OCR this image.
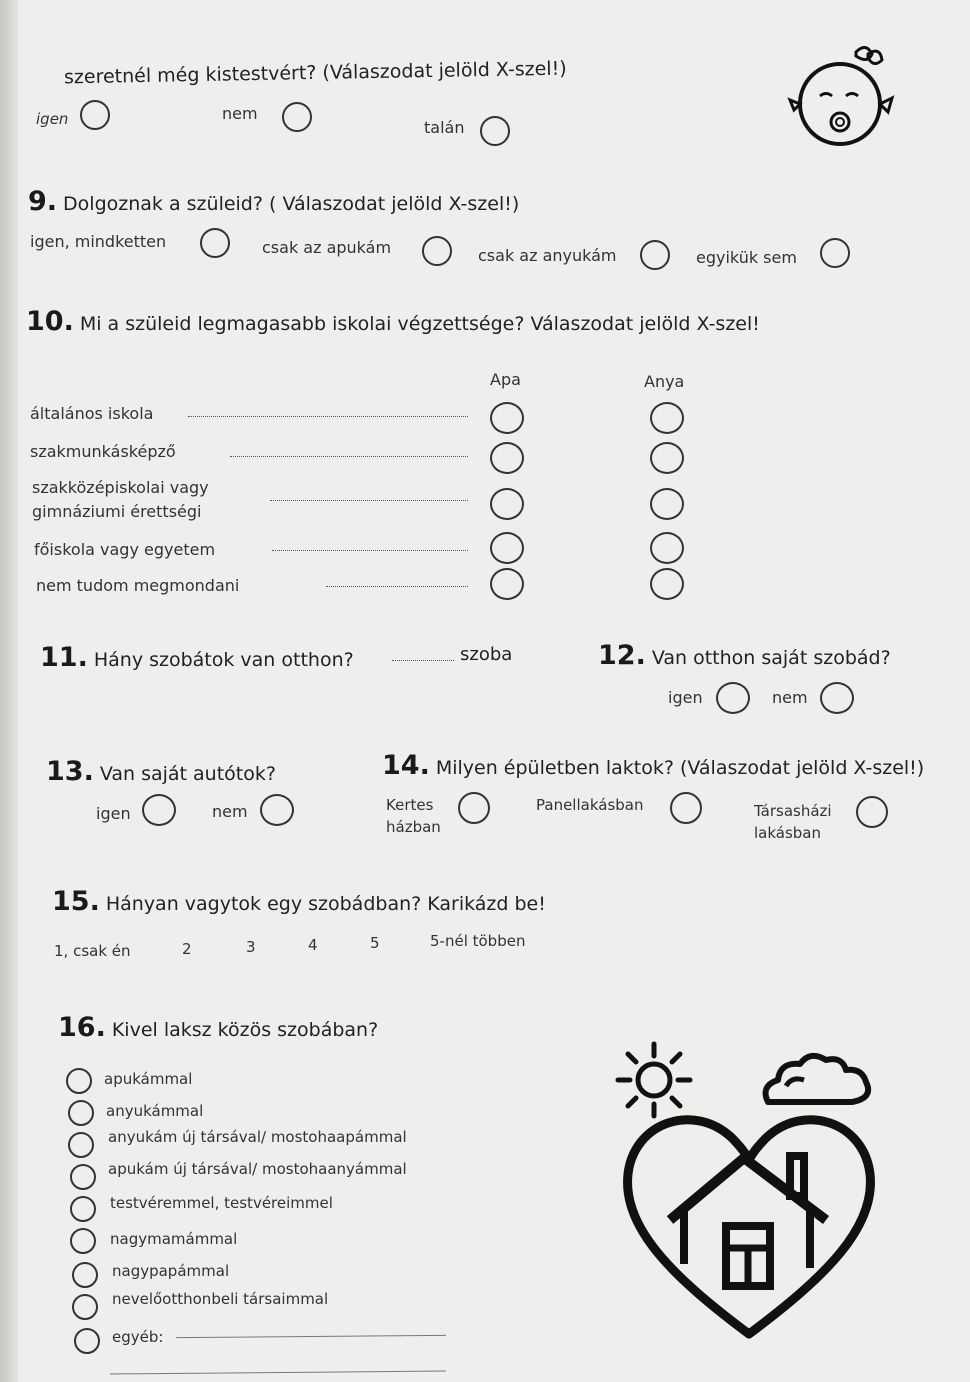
szeretnél még kistestvért? (Válaszodat jelöld X-szel!)
igen	nem
talán
9. Dolgoznak a szüleid? ( Válaszodat jelöld X-szel!)
igen, mindketten	csak az apukám	csak az anyukám	egyikük sem
10. Mi a szüleid legmagasabb iskolai végzettsége? Válaszodat jelöld X-szel!
Apa	Anya
általános iskola
szakmunkásképző
szakközépiskolai vagy
gimnáziumi érettségi
főiskola vagy egyetem
nem tudom megmondani
11. Hány szobátok van otthon?	szoba	12. Van otthon saját szobád?
igen	nem
13. Van saját autótok?
igen	nem
14. Milyen épületben laktok? (Válaszodat jelöld X-szel!)
Kertes
házban
Panellakásban	Társasházi
lakásban
15. Hányan vagytok egy szobádban? Karikázd be!
1, csak én	2	3	4	5	5-nél többen
16. Kivel laksz közös szobában?
apukámmal
anyukámmal
anyukám új társával/ mostohaapámmal
apukám új társával/ mostohaanyámmal
testvéremmel, testvéreimmel
nagymamámmal
nagypapámmal
nevelőotthonbeli társaimmal
egyéb:
